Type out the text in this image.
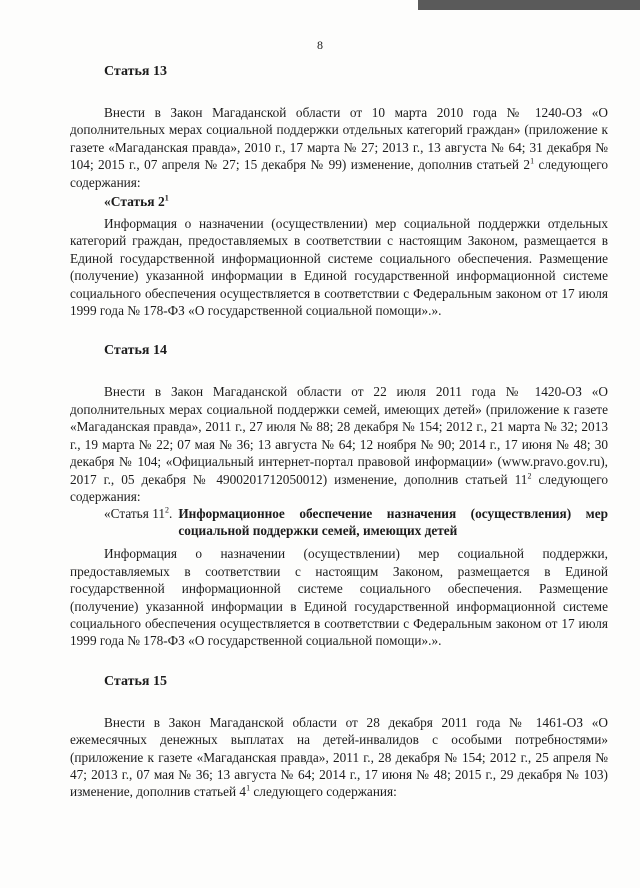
8
Статья 13

Внести в Закон Магаданской области от 10 марта 2010 года № 1240-ОЗ «О дополнительных мерах социальной поддержки отдельных категорий граждан» (приложение к газете «Магаданская правда», 2010 г., 17 марта № 27; 2013 г., 13 августа № 64; 31 декабря № 104; 2015 г., 07 апреля № 27; 15 декабря № 99) изменение, дополнив статьей $2^1$ следующего содержания:

«Статья $2^1$

Информация о назначении (осуществлении) мер социальной поддержки отдельных категорий граждан, предоставляемых в соответствии с настоящим Законом, размещается в Единой государственной информационной системе социального обеспечения. Размещение (получение) указанной информации в Единой государственной информационной системе социального обеспечения осуществляется в соответствии с Федеральным законом от 17 июля 1999 года № 178-ФЗ «О государственной социальной помощи».».

Статья 14

Внести в Закон Магаданской области от 22 июля 2011 года № 1420-ОЗ «О дополнительных мерах социальной поддержки семей, имеющих детей» (приложение к газете «Магаданская правда», 2011 г., 27 июля № 88; 28 декабря № 154; 2012 г., 21 марта № 32; 2013 г., 19 марта № 22; 07 мая № 36; 13 августа № 64; 12 ноября № 90; 2014 г., 17 июня № 48; 30 декабря № 104; «Официальный интернет-портал правовой информации» (www.pravo.gov.ru), 2017 г., 05 декабря № 4900201712050012) изменение, дополнив статьей $11^2$ следующего содержания:

«Статья $11^2$. Информационное обеспечение назначения (осуществления) мер социальной поддержки семей, имеющих детей

Информация о назначении (осуществлении) мер социальной поддержки, предоставляемых в соответствии с настоящим Законом, размещается в Единой государственной информационной системе социального обеспечения. Размещение (получение) указанной информации в Единой государственной информационной системе социального обеспечения осуществляется в соответствии с Федеральным законом от 17 июля 1999 года № 178-ФЗ «О государственной социальной помощи».».

Статья 15

Внести в Закон Магаданской области от 28 декабря 2011 года № 1461-ОЗ «О ежемесячных денежных выплатах на детей-инвалидов с особыми потребностями» (приложение к газете «Магаданская правда», 2011 г., 28 декабря № 154; 2012 г., 25 апреля № 47; 2013 г., 07 мая № 36; 13 августа № 64; 2014 г., 17 июня № 48; 2015 г., 29 декабря № 103) изменение, дополнив статьей $4^1$ следующего содержания:
